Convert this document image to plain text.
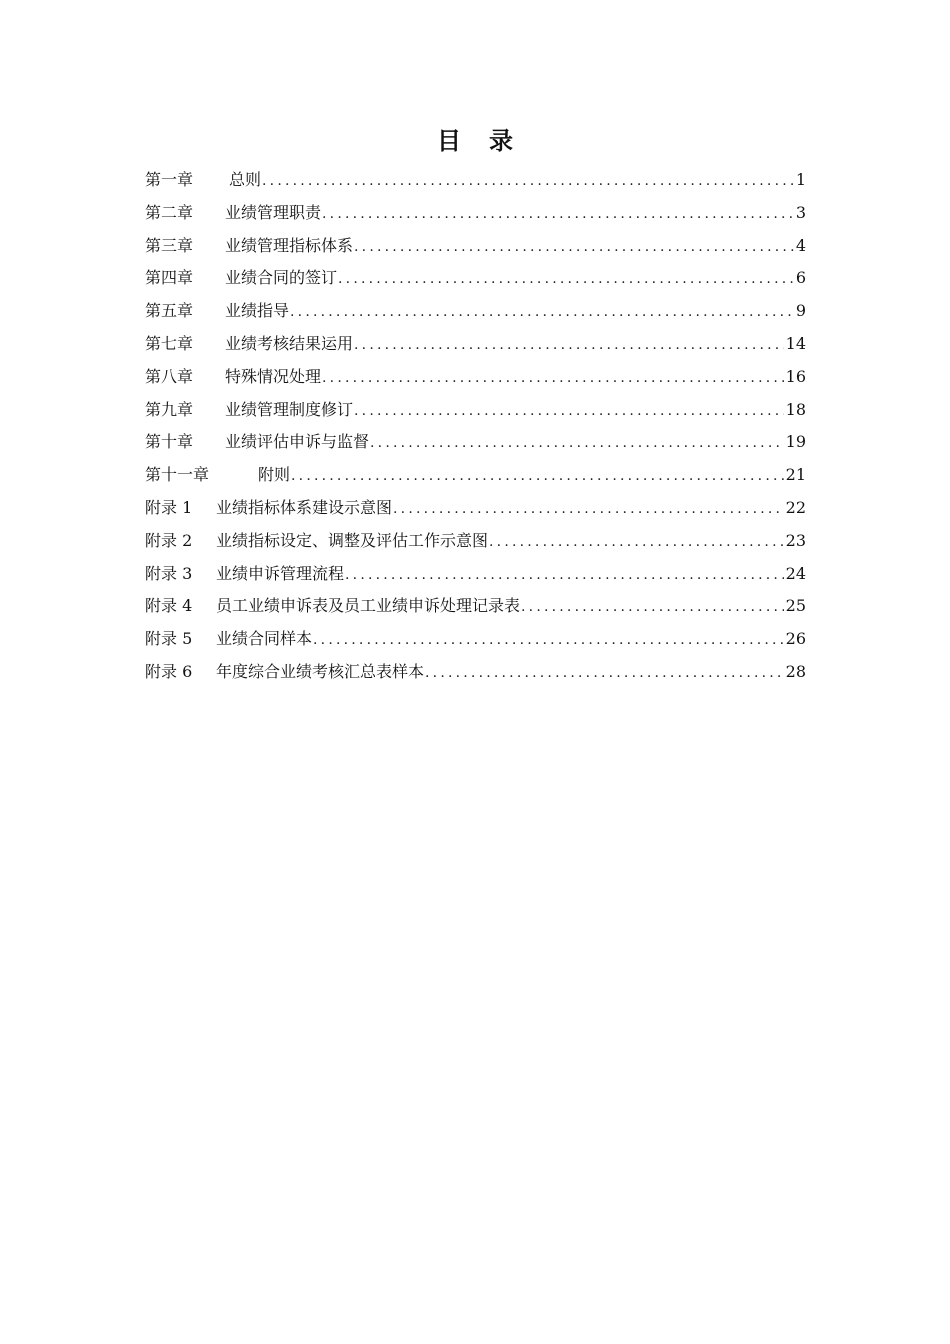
目 录
第一章	总则 .....	1
第二章	业绩管理职责 .....	3
第三章	业绩管理指标体系 .....	4
第四章	业绩合同的签订 .....	6
第五章	业绩指导 .....	9
第七章	业绩考核结果运用 .....	14
第八章	特殊情况处理 .....	16
第九章	业绩管理制度修订 .....	18
第十章	业绩评估申诉与监督 .....	19
第十一章	附则 .....	21
附录 1	业绩指标体系建设示意图 .....	22
附录 2	业绩指标设定、调整及评估工作示意图 .....	23
附录 3	业绩申诉管理流程 .....	24
附录 4	员工业绩申诉表及员工业绩申诉处理记录表 .....	25
附录 5	业绩合同样本 .....	26
附录 6	年度综合业绩考核汇总表样本 .....	28
